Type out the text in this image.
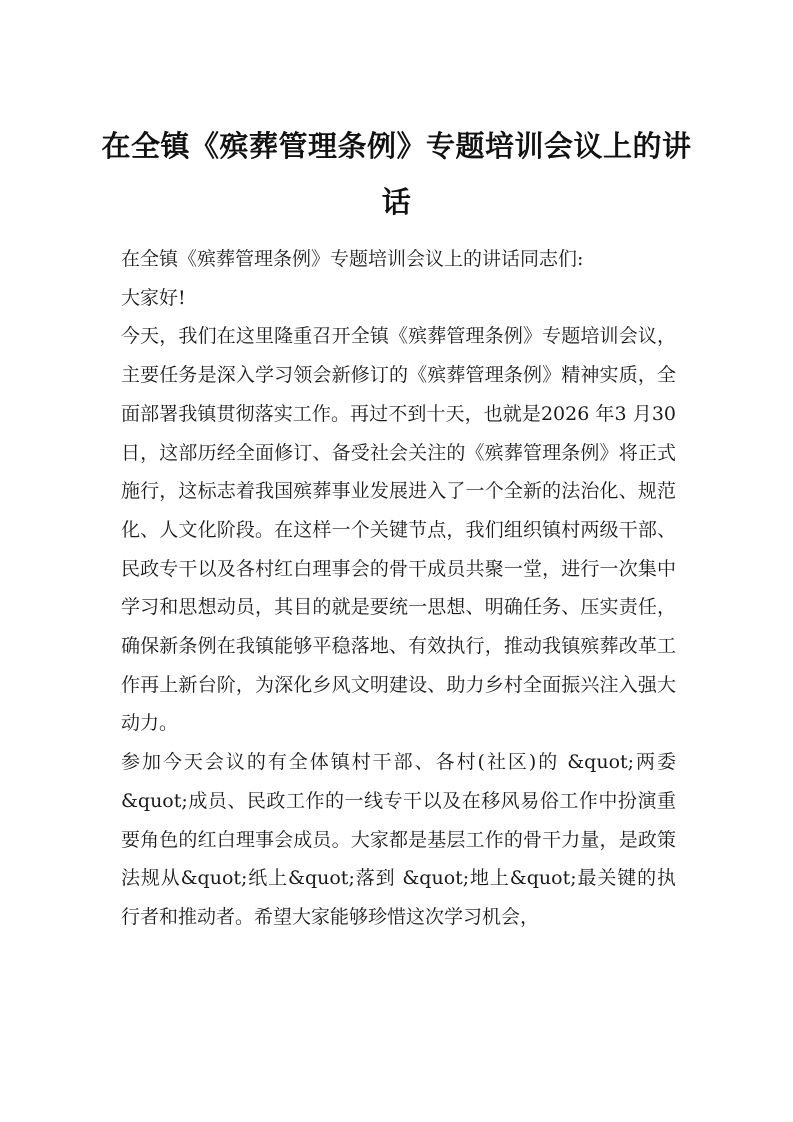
在全镇《殡葬管理条例》专题培训会议上的讲话

在全镇《殡葬管理条例》专题培训会议上的讲话同志们:

大家好!

今天，我们在这里隆重召开全镇《殡葬管理条例》专题培训会议，主要任务是深入学习领会新修订的《殡葬管理条例》精神实质，全面部署我镇贯彻落实工作。再过不到十天，也就是2026 年3 月30 日，这部历经全面修订、备受社会关注的《殡葬管理条例》将正式施行，这标志着我国殡葬事业发展进入了一个全新的法治化、规范化、人文化阶段。在这样一个关键节点，我们组织镇村两级干部、民政专干以及各村红白理事会的骨干成员共聚一堂，进行一次集中学习和思想动员，其目的就是要统一思想、明确任务、压实责任，确保新条例在我镇能够平稳落地、有效执行，推动我镇殡葬改革工作再上新台阶，为深化乡风文明建设、助力乡村全面振兴注入强大动力。

参加今天会议的有全体镇村干部、各村(社区)的 &quot;两委&quot;成员、民政工作的一线专干以及在移风易俗工作中扮演重要角色的红白理事会成员。大家都是基层工作的骨干力量，是政策法规从&quot;纸上&quot;落到 &quot;地上&quot;最关键的执行者和推动者。希望大家能够珍惜这次学习机会，
